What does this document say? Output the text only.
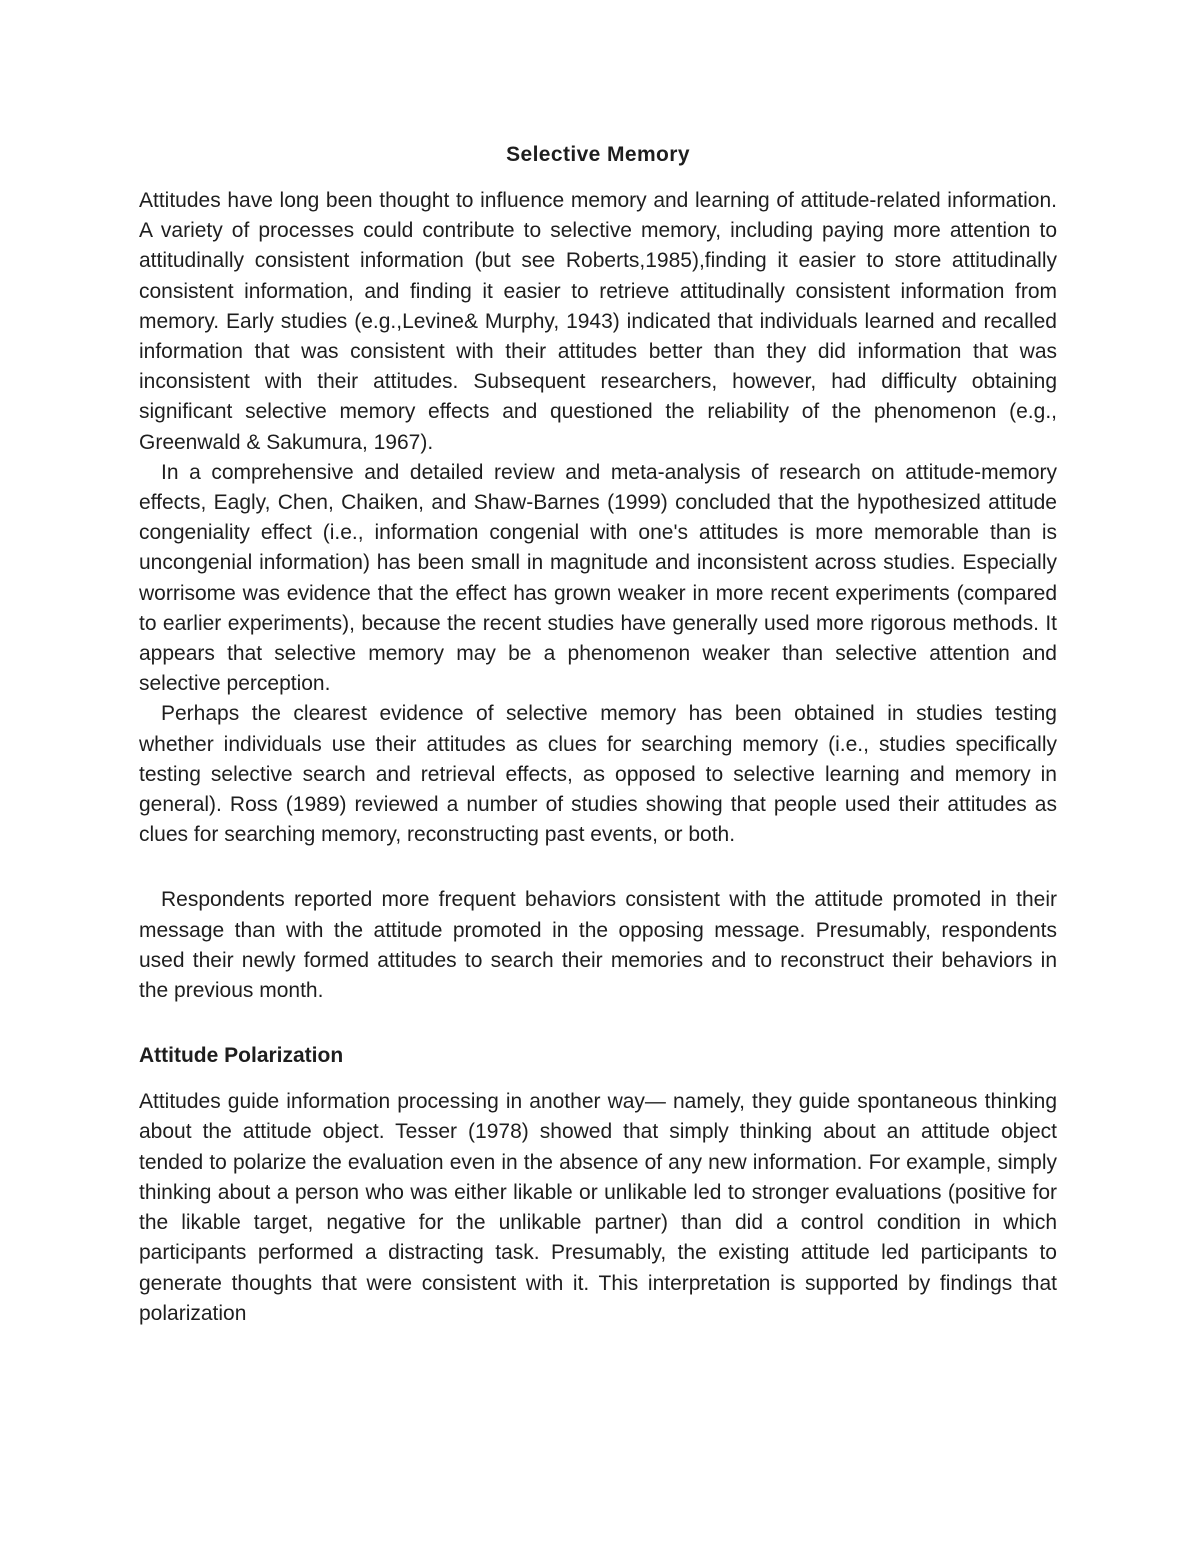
Selective Memory

Attitudes have long been thought to influence memory and learning of attitude-related information. A variety of processes could contribute to selective memory, including paying more attention to attitudinally consistent information (but see Roberts,1985),finding it easier to store attitudinally consistent information, and finding it easier to retrieve attitudinally consistent information from memory. Early studies (e.g.,Levine& Murphy, 1943) indicated that individuals learned and recalled information that was consistent with their attitudes better than they did information that was inconsistent with their attitudes. Subsequent researchers, however, had difficulty obtaining significant selective memory effects and questioned the reliability of the phenomenon (e.g., Greenwald & Sakumura, 1967).

In a comprehensive and detailed review and meta-analysis of research on attitude-memory effects, Eagly, Chen, Chaiken, and Shaw-Barnes (1999) concluded that the hypothesized attitude congeniality effect (i.e., information congenial with one's attitudes is more memorable than is uncongenial information) has been small in magnitude and inconsistent across studies. Especially worrisome was evidence that the effect has grown weaker in more recent experiments (compared to earlier experiments), because the recent studies have generally used more rigorous methods. It appears that selective memory may be a phenomenon weaker than selective attention and selective perception.

Perhaps the clearest evidence of selective memory has been obtained in studies testing whether individuals use their attitudes as clues for searching memory (i.e., studies specifically testing selective search and retrieval effects, as opposed to selective learning and memory in general). Ross (1989) reviewed a number of studies showing that people used their attitudes as clues for searching memory, reconstructing past events, or both.

Respondents reported more frequent behaviors consistent with the attitude promoted in their message than with the attitude promoted in the opposing message. Presumably, respondents used their newly formed attitudes to search their memories and to reconstruct their behaviors in the previous month.

Attitude Polarization

Attitudes guide information processing in another way— namely, they guide spontaneous thinking about the attitude object. Tesser (1978) showed that simply thinking about an attitude object tended to polarize the evaluation even in the absence of any new information. For example, simply thinking about a person who was either likable or unlikable led to stronger evaluations (positive for the likable target, negative for the unlikable partner) than did a control condition in which participants performed a distracting task. Presumably, the existing attitude led participants to generate thoughts that were consistent with it. This interpretation is supported by findings that polarization
